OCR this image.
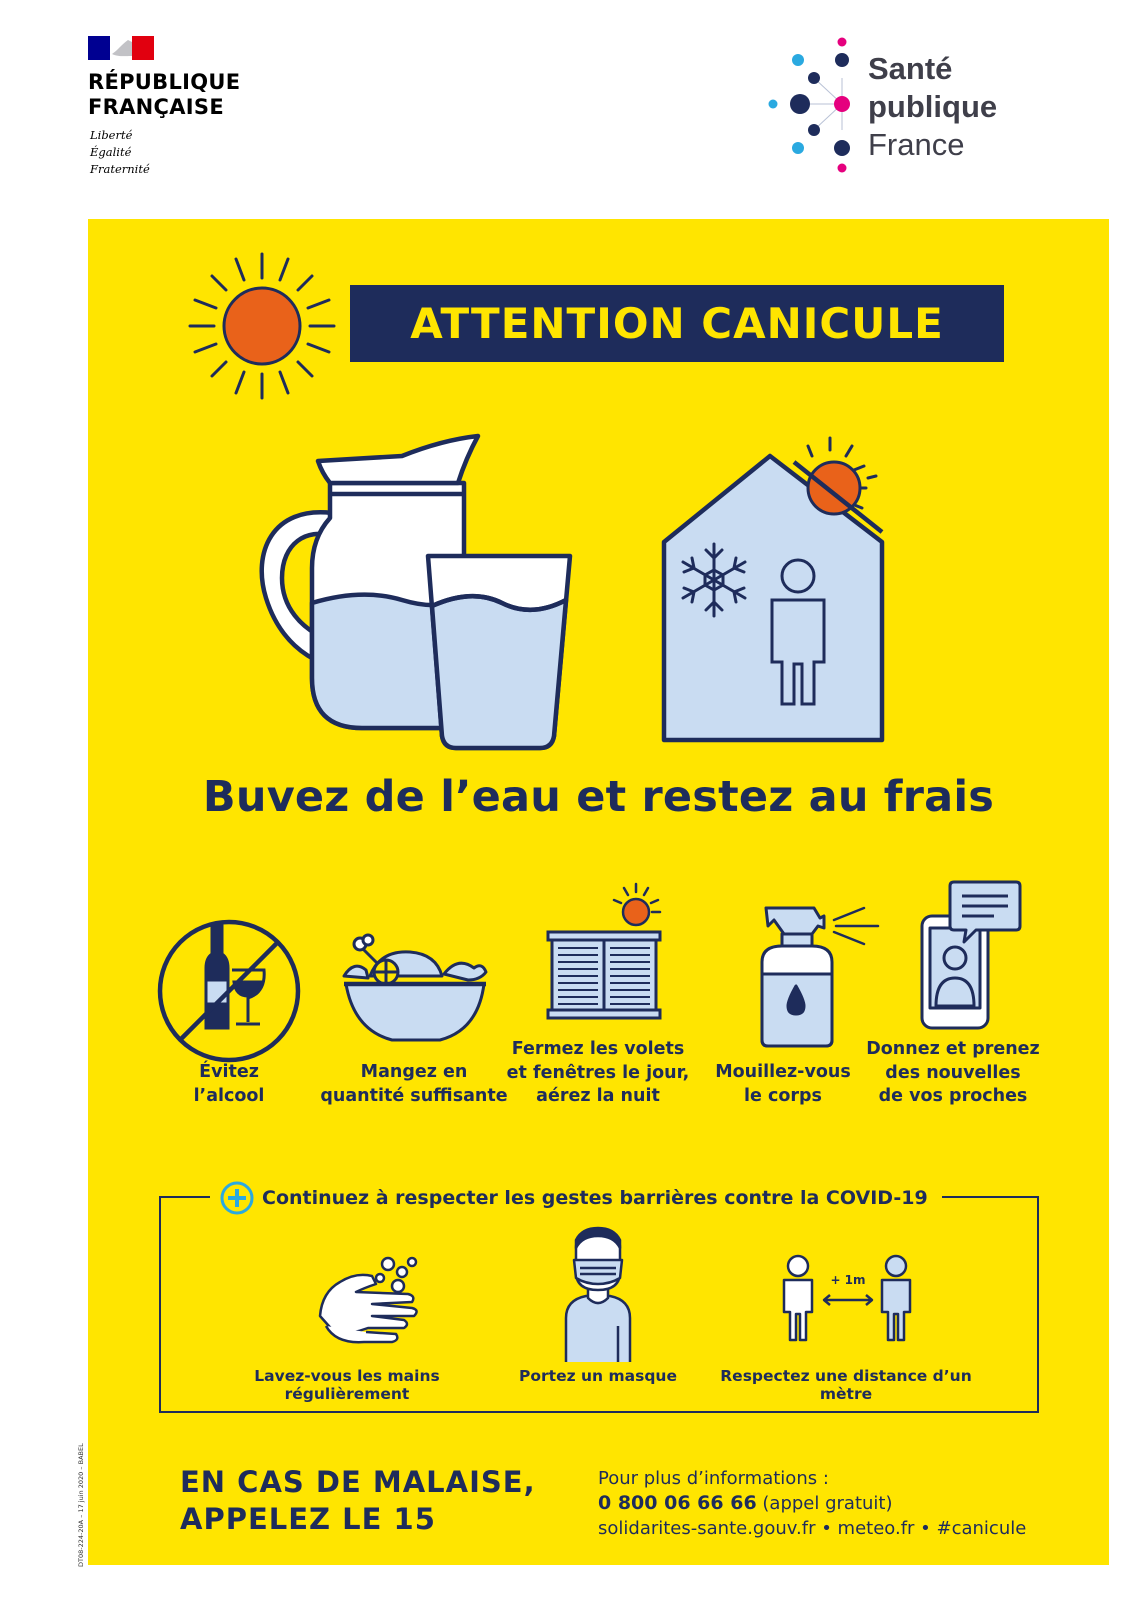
RÉPUBLIQUE
FRANÇAISE
Liberté
Égalité
Fraternité
Santé
publique
France
ATTENTION CANICULE
Buvez de l’eau et restez au frais
Évitez
l’alcool
Mangez en
quantité suffisante
Fermez les volets
et fenêtres le jour,
aérez la nuit
Mouillez-vous
le corps
Donnez et prenez
des nouvelles
de vos proches
Continuez à respecter les gestes barrières contre la COVID-19
+ 1m
Lavez-vous les mains régulièrement
Portez un masque	Respectez une distance d’un mètre
EN CAS DE MALAISE,
APPELEZ LE 15
Pour plus d’informations :
0 800 06 66 66 (appel gratuit)
solidarites-sante.gouv.fr • meteo.fr • #canicule
DT08-224-20A – 17 juin 2020 – BABEL
